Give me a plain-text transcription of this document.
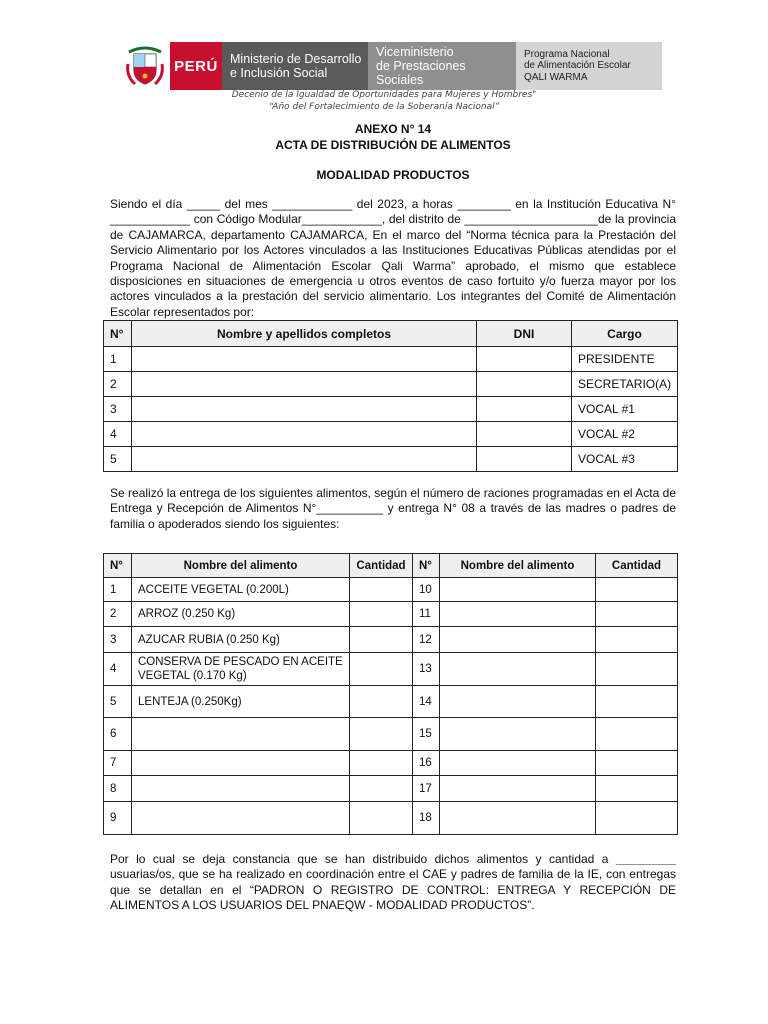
PERÚ Ministerio de Desarrollo
e Inclusión Social
Viceministerio
de Prestaciones Sociales
Programa Nacional
de Alimentación Escolar
QALI WARMA
Decenio de la Igualdad de Oportunidades para Mujeres y Hombres"
“Año del Fortalecimiento de la Soberanía Nacional”
ANEXO N° 14
ACTA DE DISTRIBUCIÓN DE ALIMENTOS
MODALIDAD PRODUCTOS

Siendo el día _____ del mes ____________ del 2023, a horas ________ en la Institución Educativa N° ____________ con Código Modular____________, del distrito de ____________________de la provincia de CAJAMARCA, departamento CAJAMARCA, En el marco del “Norma técnica para la Prestación del Servicio Alimentario por los Actores vinculados a las Instituciones Educativas Públicas atendidas por el Programa Nacional de Alimentación Escolar Qali Warma” aprobado, el mismo que establece disposiciones en situaciones de emergencia u otros eventos de caso fortuito y/o fuerza mayor por los actores vinculados a la prestación del servicio alimentario. Los integrantes del Comité de Alimentación Escolar representados por:

N°	Nombre y apellidos completos	DNI	Cargo
1			PRESIDENTE
2			SECRETARIO(A)
3			VOCAL #1
4			VOCAL #2
5			VOCAL #3

Se realizó la entrega de los siguientes alimentos, según el número de raciones programadas en el Acta de Entrega y Recepción de Alimentos N°__________ y entrega N° 08 a través de las madres o padres de familia o apoderados siendo los siguientes:

N°	Nombre del alimento	Cantidad	N°	Nombre del alimento	Cantidad
1	ACCEITE VEGETAL (0.200L)		10		
2	ARROZ (0.250 Kg)		11		
3	AZUCAR RUBIA (0.250 Kg)		12		
4	CONSERVA DE PESCADO EN ACEITE VEGETAL (0.170 Kg)		13		
5	LENTEJA (0.250Kg)		14		
6			15		
7			16		
8			17		
9			18		

Por lo cual se deja constancia que se han distribuido dichos alimentos y cantidad a _________ usuarias/os, que se ha realizado en coordinación entre el CAE y padres de familia de la IE, con entregas que se detallan en el “PADRON O REGISTRO DE CONTROL: ENTREGA Y RECEPCIÓN DE ALIMENTOS A LOS USUARIOS DEL PNAEQW - MODALIDAD PRODUCTOS”.
